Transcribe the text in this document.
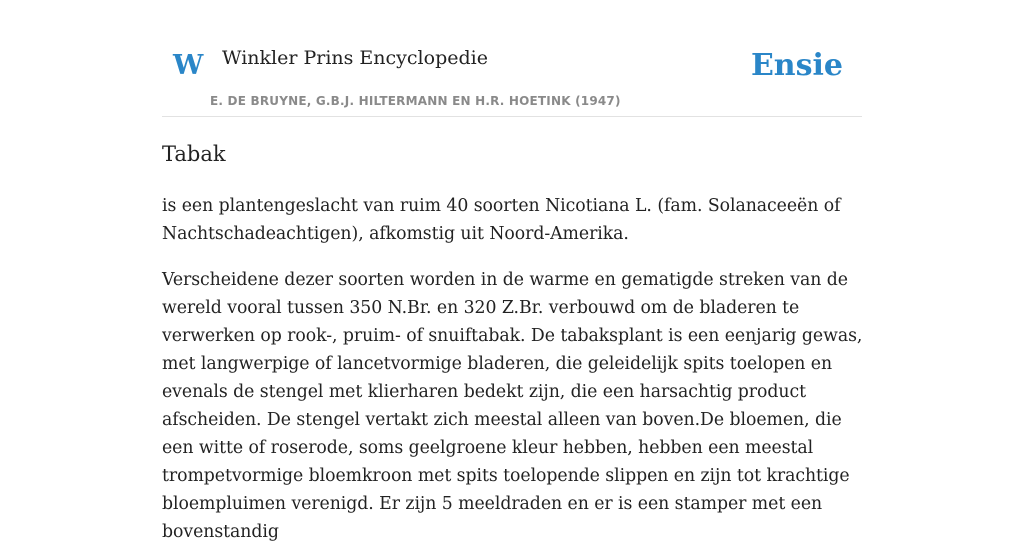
W Winkler Prins Encyclopedie
E. DE BRUYNE, G.B.J. HILTERMANN EN H.R. HOETINK (1947)
Ensie
Tabak

is een plantengeslacht van ruim 40 soorten Nicotiana L. (fam. Solanaceeën of Nachtschadeachtigen), afkomstig uit Noord-Amerika.

Verscheidene dezer soorten worden in de warme en gematigde streken van de wereld vooral tussen 350 N.Br. en 320 Z.Br. verbouwd om de bladeren te verwerken op rook-, pruim- of snuiftabak. De tabaksplant is een eenjarig gewas, met langwerpige of lancetvormige bladeren, die geleidelijk spits toelopen en evenals de stengel met klierharen bedekt zijn, die een harsachtig product afscheiden. De stengel vertakt zich meestal alleen van boven.De bloemen, die een witte of roserode, soms geelgroene kleur hebben, hebben een meestal trompetvormige bloemkroon met spits toelopende slippen en zijn tot krachtige bloempluimen verenigd. Er zijn 5 meeldraden en er is een stamper met een bovenstandig
